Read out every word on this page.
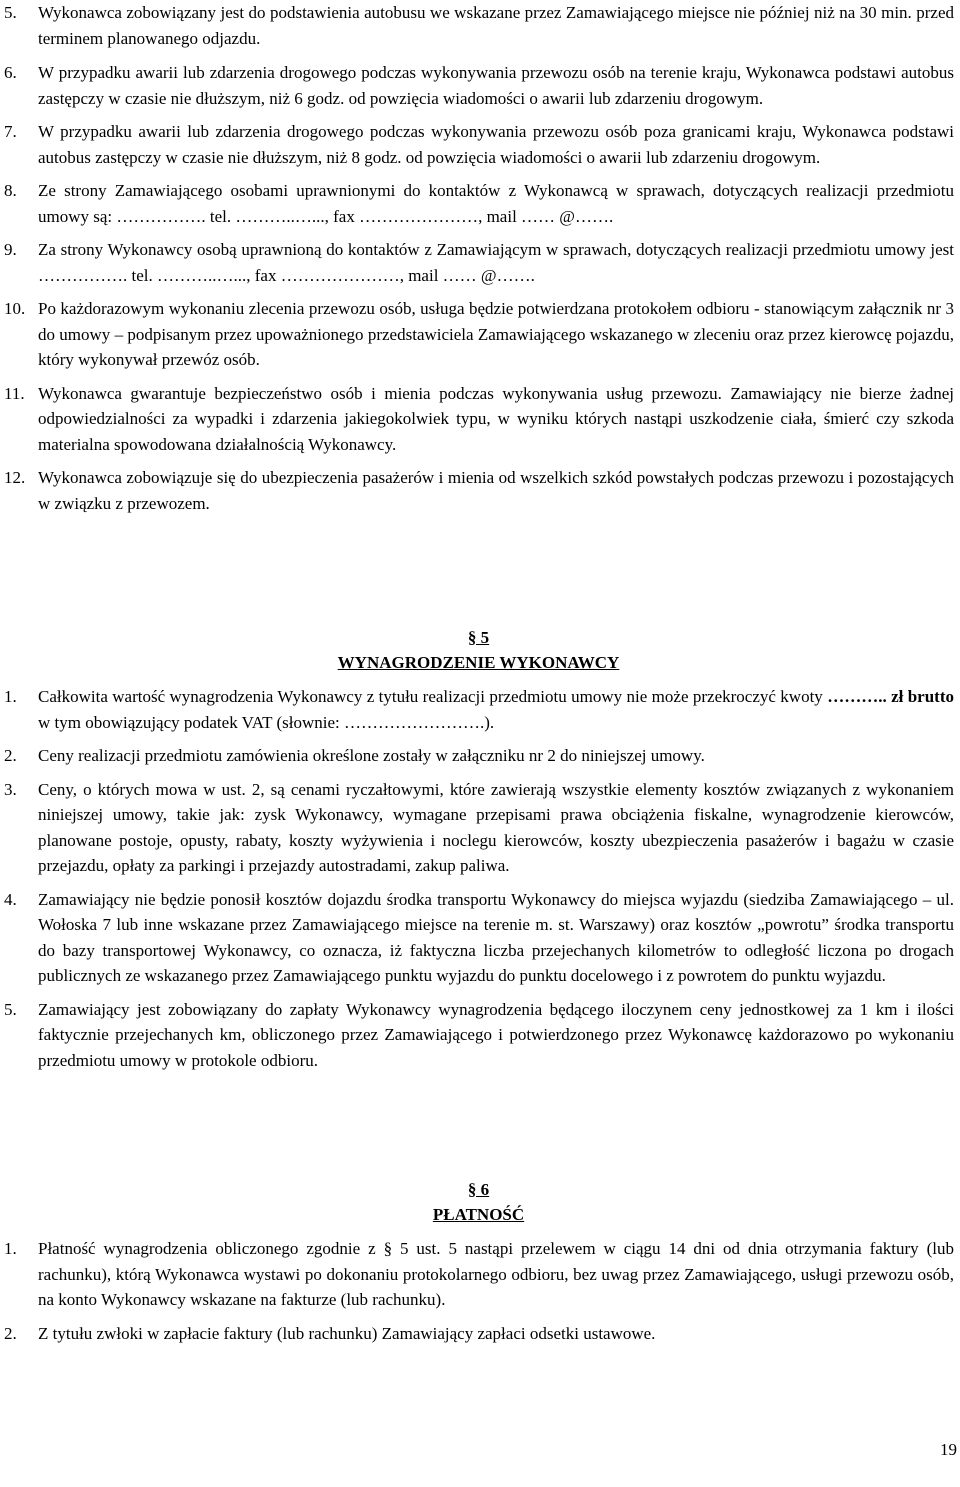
5. Wykonawca zobowiązany jest do podstawienia autobusu we wskazane przez Zamawiającego miejsce nie później niż na 30 min. przed terminem planowanego odjazdu.
6. W przypadku awarii lub zdarzenia drogowego podczas wykonywania przewozu osób na terenie kraju, Wykonawca podstawi autobus zastępczy w czasie nie dłuższym, niż 6 godz. od powzięcia wiadomości o awarii lub zdarzeniu drogowym.
7. W przypadku awarii lub zdarzenia drogowego podczas wykonywania przewozu osób poza granicami kraju, Wykonawca podstawi autobus zastępczy w czasie nie dłuższym, niż 8 godz. od powzięcia wiadomości o awarii lub zdarzeniu drogowym.
8. Ze strony Zamawiającego osobami uprawnionymi do kontaktów z Wykonawcą w sprawach, dotyczących realizacji przedmiotu umowy są: ……………. tel. ………..…..., fax …………………, mail …… @…….
9. Za strony Wykonawcy osobą uprawnioną do kontaktów z Zamawiającym w sprawach, dotyczących realizacji przedmiotu umowy jest ……………. tel. ………..…..., fax …………………, mail …… @…….
10. Po każdorazowym wykonaniu zlecenia przewozu osób, usługa będzie potwierdzana protokołem odbioru - stanowiącym załącznik nr 3 do umowy – podpisanym przez upoważnionego przedstawiciela Zamawiającego wskazanego w zleceniu oraz przez kierowcę pojazdu, który wykonywał przewóz osób.
11. Wykonawca gwarantuje bezpieczeństwo osób i mienia podczas wykonywania usług przewozu. Zamawiający nie bierze żadnej odpowiedzialności za wypadki i zdarzenia jakiegokolwiek typu, w wyniku których nastąpi uszkodzenie ciała, śmierć czy szkoda materialna spowodowana działalnością Wykonawcy.
12. Wykonawca zobowiązuje się do ubezpieczenia pasażerów i mienia od wszelkich szkód powstałych podczas przewozu i pozostających w związku z przewozem.
§ 5
WYNAGRODZENIE WYKONAWCY
1. Całkowita wartość wynagrodzenia Wykonawcy z tytułu realizacji przedmiotu umowy nie może przekroczyć kwoty ……….. zł brutto w tym obowiązujący podatek VAT (słownie: …………………….).
2. Ceny realizacji przedmiotu zamówienia określone zostały w załączniku nr 2 do niniejszej umowy.
3. Ceny, o których mowa w ust. 2, są cenami ryczałtowymi, które zawierają wszystkie elementy kosztów związanych z wykonaniem niniejszej umowy, takie jak: zysk Wykonawcy, wymagane przepisami prawa obciążenia fiskalne, wynagrodzenie kierowców, planowane postoje, opusty, rabaty, koszty wyżywienia i noclegu kierowców, koszty ubezpieczenia pasażerów i bagażu w czasie przejazdu, opłaty za parkingi i przejazdy autostradami, zakup paliwa.
4. Zamawiający nie będzie ponosił kosztów dojazdu środka transportu Wykonawcy do miejsca wyjazdu (siedziba Zamawiającego – ul. Wołoska 7 lub inne wskazane przez Zamawiającego miejsce na terenie m. st. Warszawy) oraz kosztów „powrotu” środka transportu do bazy transportowej Wykonawcy, co oznacza, iż faktyczna liczba przejechanych kilometrów to odległość liczona po drogach publicznych ze wskazanego przez Zamawiającego punktu wyjazdu do punktu docelowego i z powrotem do punktu wyjazdu.
5. Zamawiający jest zobowiązany do zapłaty Wykonawcy wynagrodzenia będącego iloczynem ceny jednostkowej za 1 km i ilości faktycznie przejechanych km, obliczonego przez Zamawiającego i potwierdzonego przez Wykonawcę każdorazowo po wykonaniu przedmiotu umowy w protokole odbioru.
§ 6
PŁATNOŚĆ
1. Płatność wynagrodzenia obliczonego zgodnie z § 5 ust. 5 nastąpi przelewem w ciągu 14 dni od dnia otrzymania faktury (lub rachunku), którą Wykonawca wystawi po dokonaniu protokolarnego odbioru, bez uwag przez Zamawiającego, usługi przewozu osób, na konto Wykonawcy wskazane na fakturze (lub rachunku).
2. Z tytułu zwłoki w zapłacie faktury (lub rachunku) Zamawiający zapłaci odsetki ustawowe.
19
